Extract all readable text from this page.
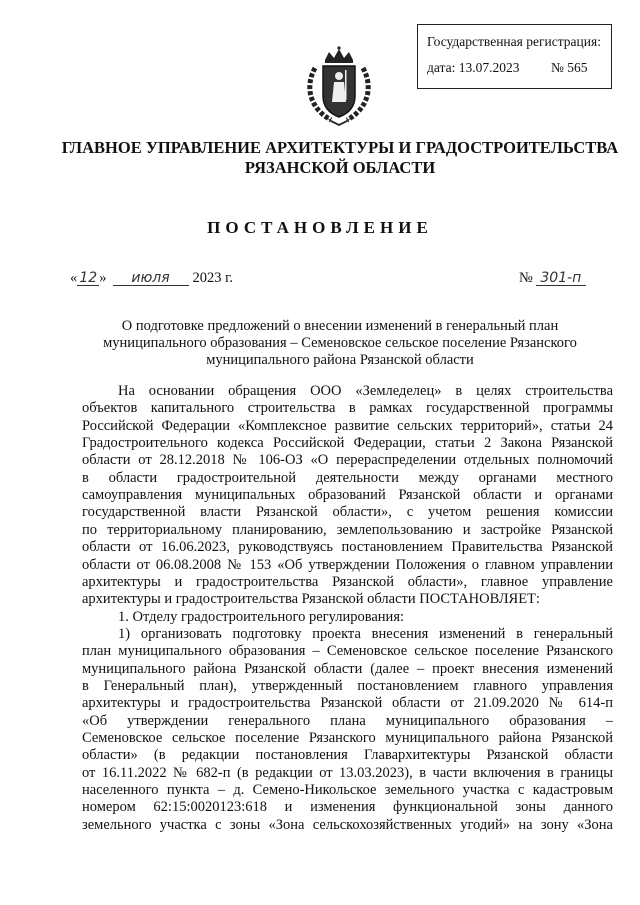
Государственная регистрация:
дата: 13.07.2023 № 565
ГЛАВНОЕ УПРАВЛЕНИЕ АРХИТЕКТУРЫ И ГРАДОСТРОИТЕЛЬСТВА
РЯЗАНСКОЙ ОБЛАСТИ
ПОСТАНОВЛЕНИЕ
« 12 » июля 2023 г.	№ 301-п
О подготовке предложений о внесении изменений в генеральный план
муниципального образования – Семеновское сельское поселение Рязанского
муниципального района Рязанской области
На основании обращения ООО «Земледелец» в целях строительства
объектов капитального строительства в рамках государственной программы
Российской Федерации «Комплексное развитие сельских территорий», статьи 24
Градостроительного кодекса Российской Федерации, статьи 2 Закона Рязанской
области от 28.12.2018 № 106-ОЗ «О перераспределении отдельных полномочий
в области градостроительной деятельности между органами местного
самоуправления муниципальных образований Рязанской области и органами
государственной власти Рязанской области», с учетом решения комиссии
по территориальному планированию, землепользованию и застройке Рязанской
области от 16.06.2023, руководствуясь постановлением Правительства Рязанской
области от 06.08.2008 № 153 «Об утверждении Положения о главном управлении
архитектуры и градостроительства Рязанской области», главное управление
архитектуры и градостроительства Рязанской области ПОСТАНОВЛЯЕТ:
1. Отделу градостроительного регулирования:
1) организовать подготовку проекта внесения изменений в генеральный
план муниципального образования – Семеновское сельское поселение Рязанского
муниципального района Рязанской области (далее – проект внесения изменений
в Генеральный план), утвержденный постановлением главного управления
архитектуры и градостроительства Рязанской области от 21.09.2020 № 614-п
«Об утверждении генерального плана муниципального образования –
Семеновское сельское поселение Рязанского муниципального района Рязанской
области» (в редакции постановления Главархитектуры Рязанской области
от 16.11.2022 № 682-п (в редакции от 13.03.2023), в части включения в границы
населенного пункта – д. Семено-Никольское земельного участка с кадастровым
номером 62:15:0020123:618 и изменения функциональной зоны данного
земельного участка с зоны «Зона сельскохозяйственных угодий» на зону «Зона
